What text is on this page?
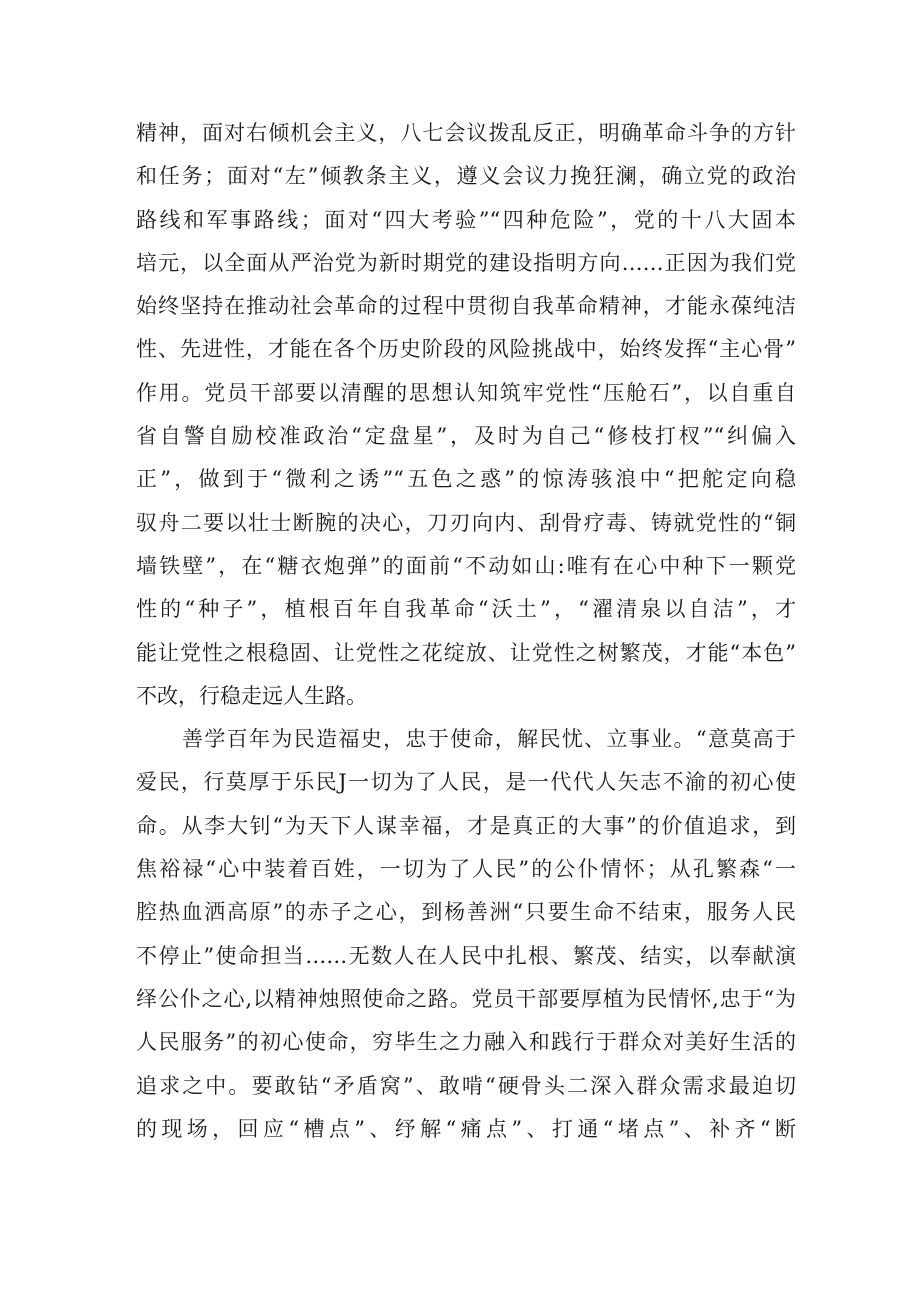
精神，面对右倾机会主义，八七会议拨乱反正，明确革命斗争的方针
和任务；面对“左”倾教条主义，遵义会议力挽狂澜，确立党的政治
路线和军事路线；面对“四大考验”“四种危险”，党的十八大固本
培元，以全面从严治党为新时期党的建设指明方向……正因为我们党
始终坚持在推动社会革命的过程中贯彻自我革命精神，才能永葆纯洁
性、先进性，才能在各个历史阶段的风险挑战中，始终发挥“主心骨”
作用。党员干部要以清醒的思想认知筑牢党性“压舱石”，以自重自
省自警自励校准政治“定盘星”，及时为自己“修枝打杈”“纠偏入
正”，做到于“微利之诱”“五色之惑”的惊涛骇浪中“把舵定向稳
驭舟二要以壮士断腕的决心，刀刃向内、刮骨疗毒、铸就党性的“铜
墙铁壁”，在“糖衣炮弹”的面前“不动如山:唯有在心中种下一颗党
性的“种子”，植根百年自我革命“沃土”，“濯清泉以自洁”，才
能让党性之根稳固、让党性之花绽放、让党性之树繁茂，才能“本色”
不改，行稳走远人生路。
善学百年为民造福史，忠于使命，解民忧、立事业。“意莫高于
爱民，行莫厚于乐民J一切为了人民，是一代代人矢志不渝的初心使
命。从李大钊“为天下人谋幸福，才是真正的大事”的价值追求，到
焦裕禄“心中装着百姓，一切为了人民”的公仆情怀；从孔繁森“一
腔热血洒高原”的赤子之心，到杨善洲“只要生命不结束，服务人民
不停止”使命担当……无数人在人民中扎根、繁茂、结实，以奉献演
绎公仆之心,以精神烛照使命之路。党员干部要厚植为民情怀,忠于“为
人民服务”的初心使命，穷毕生之力融入和践行于群众对美好生活的
追求之中。要敢钻“矛盾窝”、敢啃“硬骨头二深入群众需求最迫切
的现场，回应“槽点”、纾解“痛点”、打通“堵点”、补齐“断
